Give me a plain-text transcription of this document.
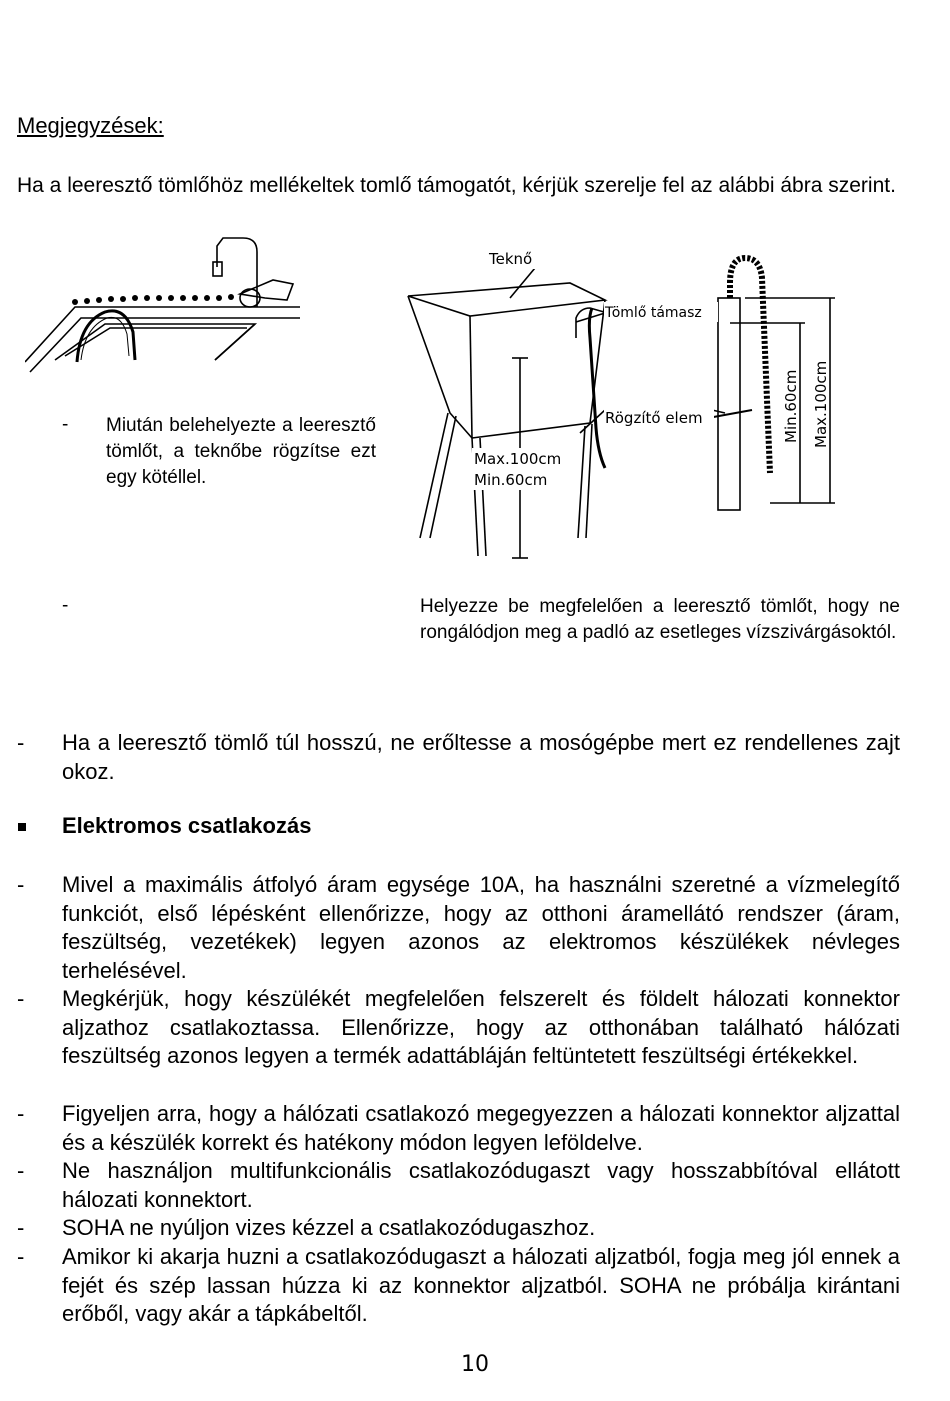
Megjegyzések:
Ha a leeresztő tömlőhöz mellékeltek tomlő támogatót, kérjük szerelje fel az alábbi ábra szerint.
Teknő
Tömlő támasz
Rögzítő elem
Max.100cm
Min.60cm
Min.60cm Max.100cm
- Miután belehelyezte a leeresztő tömlőt, a teknőbe rögzítse ezt egy kötéllel.
-	Helyezze be megfelelően a leeresztő tömlőt, hogy ne rongálódjon meg a padló az esetleges vízszivárgásoktól.
- Ha a leeresztő tömlő túl hosszú, ne erőltesse a mosógépbe mert ez rendellenes zajt okoz.
Elektromos csatlakozás
- Mivel a maximális átfolyó áram egysége 10A, ha használni szeretné a vízmelegítő funkciót, első lépésként ellenőrizze, hogy az otthoni áramellátó rendszer (áram, feszültség, vezetékek) legyen azonos az elektromos készülékek névleges terhelésével.
- Megkérjük, hogy készülékét megfelelően felszerelt és földelt hálozati konnektor aljzathoz csatlakoztassa. Ellenőrizze, hogy az otthonában található hálózati feszültség azonos legyen a termék adattábláján feltüntetett feszültségi értékekkel.
- Figyeljen arra, hogy a hálózati csatlakozó megegyezzen a hálozati konnektor aljzattal és a készülék korrekt és hatékony módon legyen leföldelve.
- Ne használjon multifunkcionális csatlakozódugaszt vagy hosszabbítóval ellátott hálozati konnektort.
- SOHA ne nyúljon vizes kézzel a csatlakozódugaszhoz.
- Amikor ki akarja huzni a csatlakozódugaszt a hálozati aljzatból, fogja meg jól ennek a fejét és szép lassan húzza ki az konnektor aljzatból. SOHA ne próbálja kirántani erőből, vagy akár a tápkábeltől.
10
